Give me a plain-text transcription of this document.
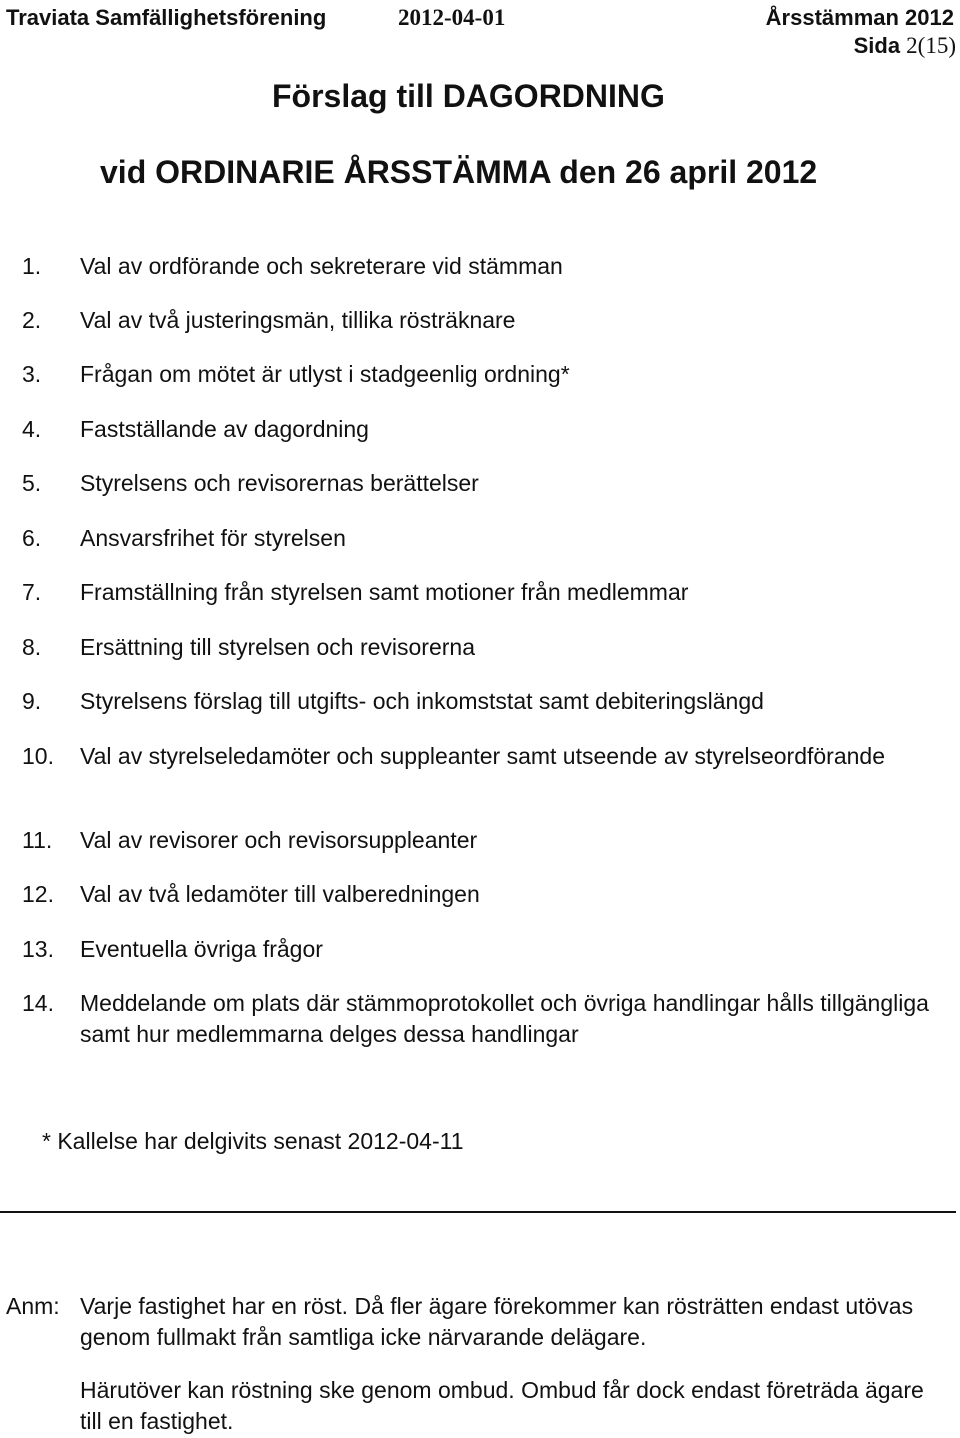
Traviata Samfällighetsförening	2012-04-01	Årsstämman 2012
Sida 2(15)
Förslag till DAGORDNING
vid ORDINARIE ÅRSSTÄMMA den 26 april 2012
1. Val av ordförande och sekreterare vid stämman
2. Val av två justeringsmän, tillika rösträknare
3. Frågan om mötet är utlyst i stadgeenlig ordning*
4. Fastställande av dagordning
5. Styrelsens och revisorernas berättelser
6. Ansvarsfrihet för styrelsen
7. Framställning från styrelsen samt motioner från medlemmar
8. Ersättning till styrelsen och revisorerna
9. Styrelsens förslag till utgifts- och inkomststat samt debiteringslängd
10. Val av styrelseledamöter och suppleanter samt utseende av styrelseordförande
11. Val av revisorer och revisorsuppleanter
12. Val av två ledamöter till valberedningen
13. Eventuella övriga frågor
14. Meddelande om plats där stämmoprotokollet och övriga handlingar hålls tillgängliga samt hur medlemmarna delges dessa handlingar
* Kallelse har delgivits senast 2012-04-11
Anm: Varje fastighet har en röst. Då fler ägare förekommer kan rösträtten endast utövas genom fullmakt från samtliga icke närvarande delägare.

Härutöver kan röstning ske genom ombud. Ombud får dock endast företräda ägare till en fastighet.
